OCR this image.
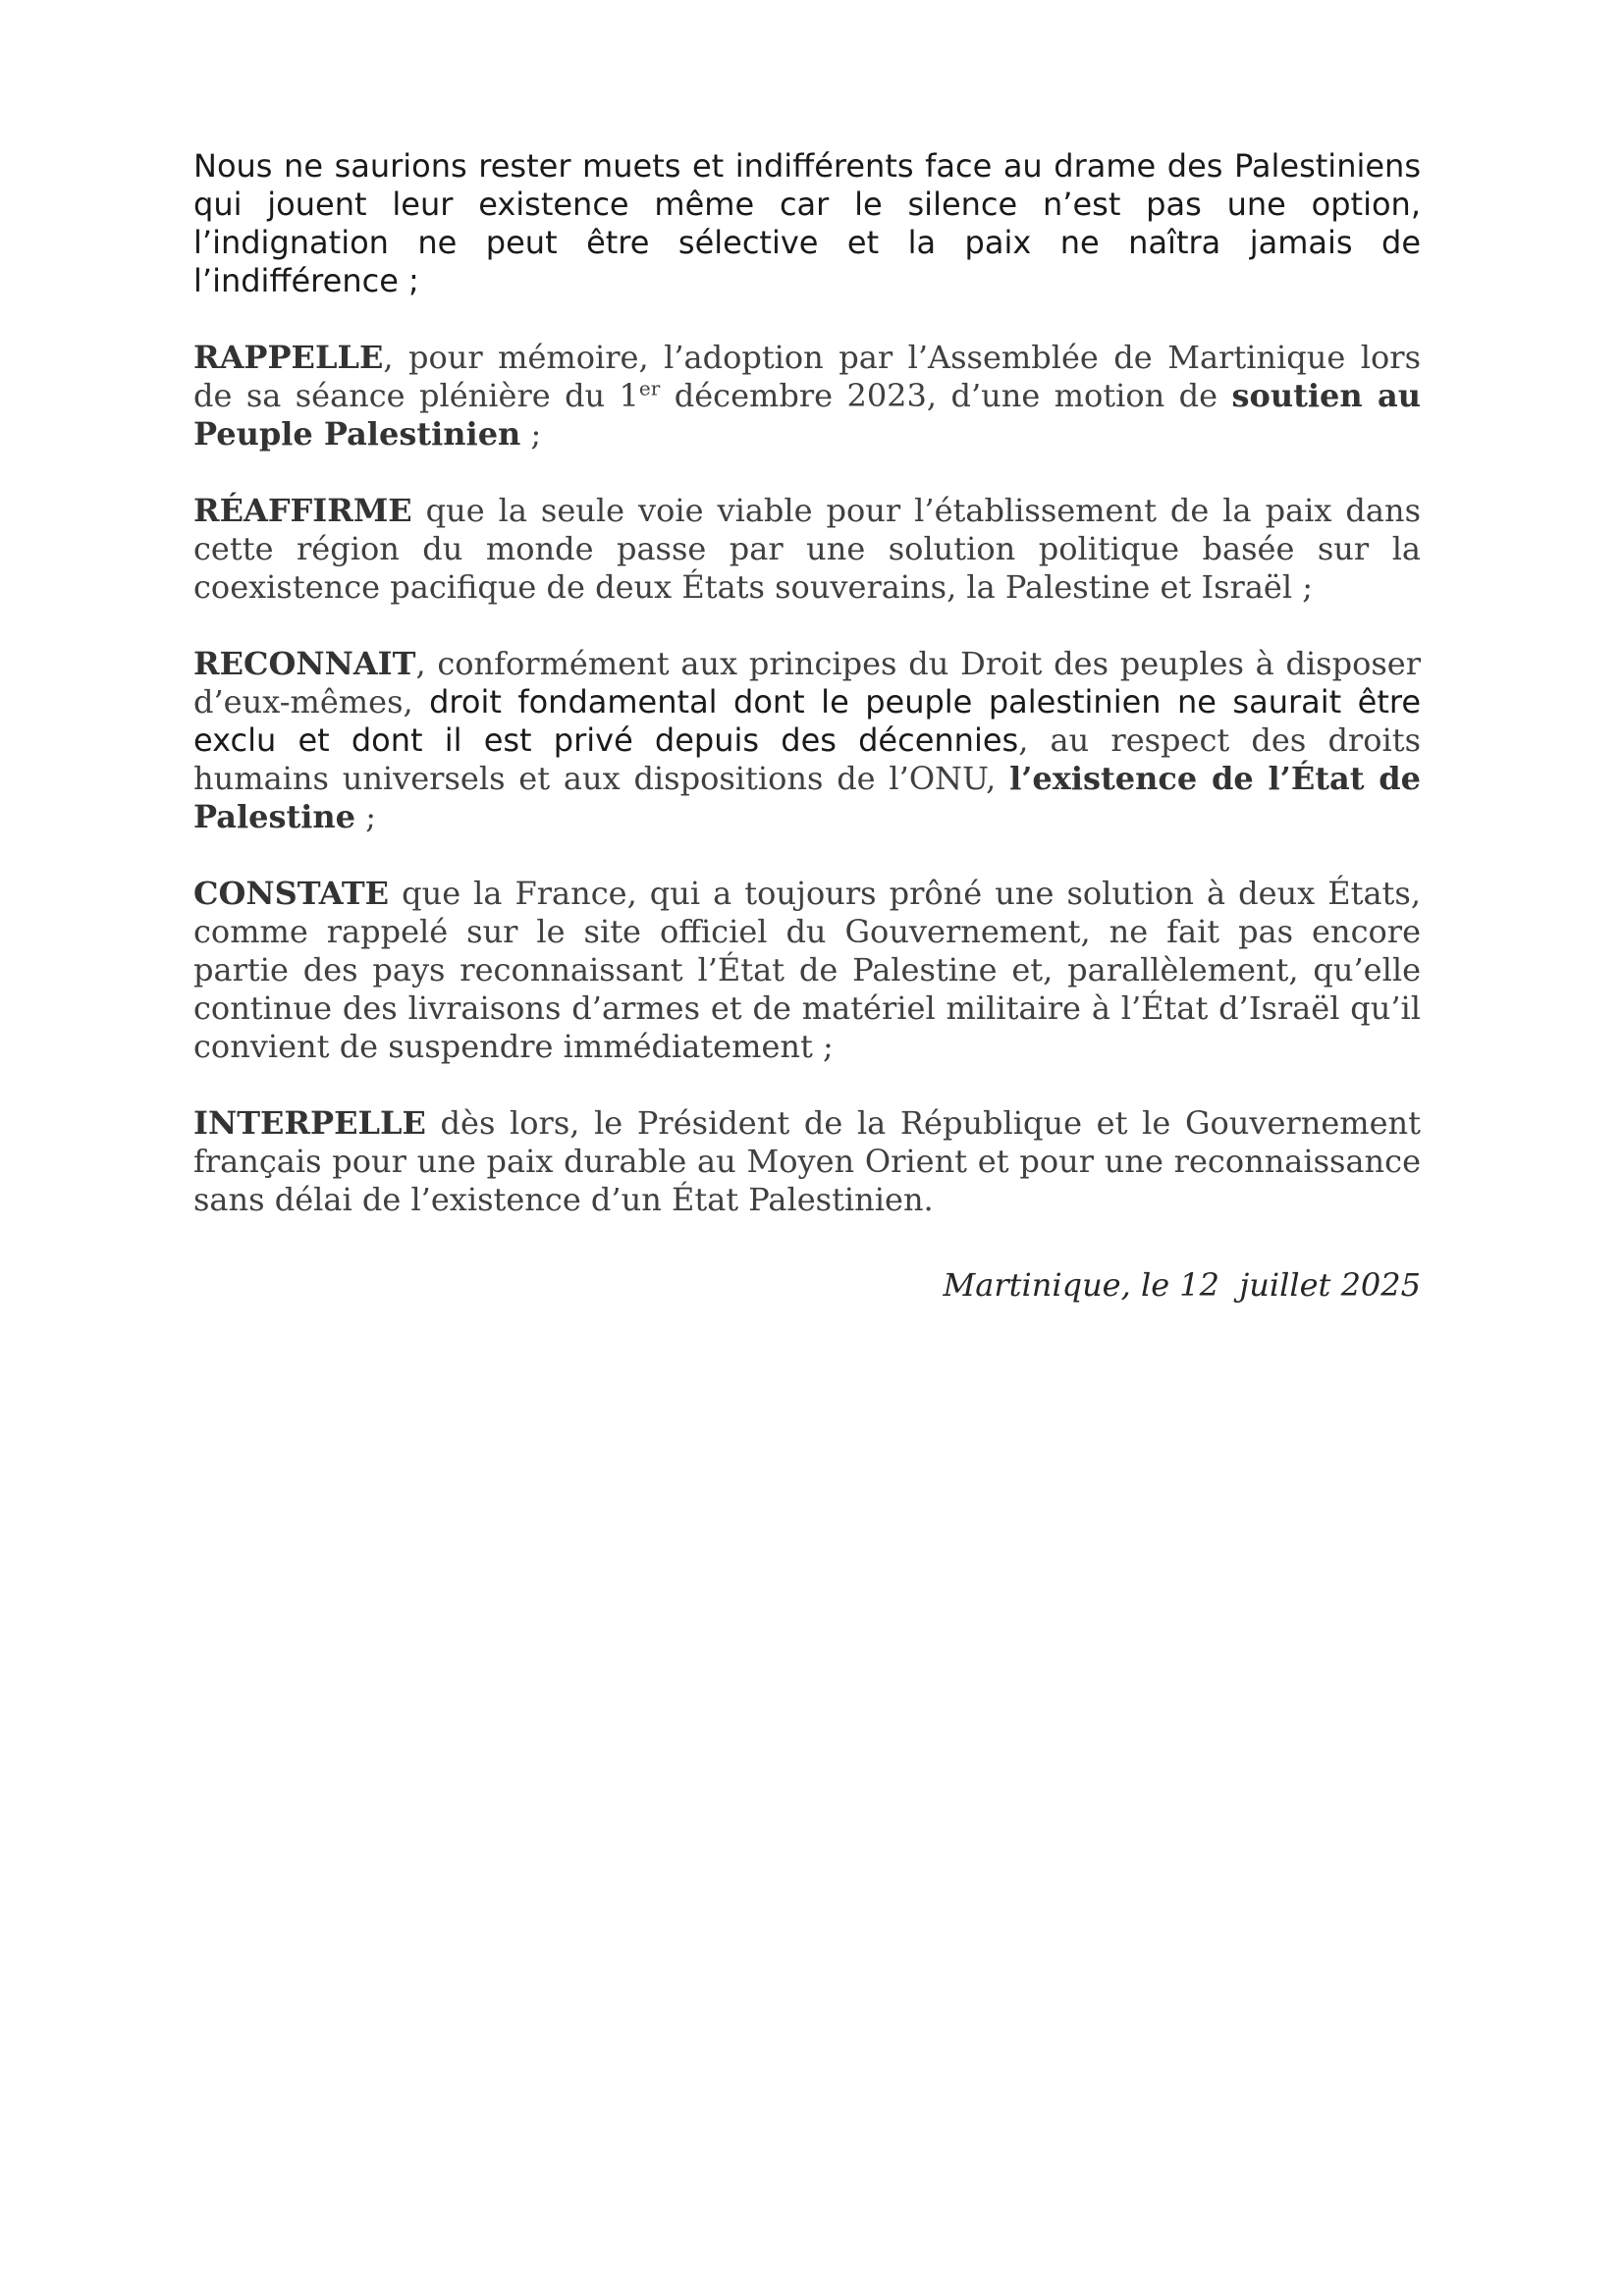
Nous ne saurions rester muets et indifférents face au drame des Palestiniens qui jouent leur existence même car le silence n’est pas une option, l’indignation ne peut être sélective et la paix ne naîtra jamais de l’indifférence ;

RAPPELLE, pour mémoire, l’adoption par l’Assemblée de Martinique lors de sa séance plénière du 1er décembre 2023, d’une motion de soutien au Peuple Palestinien ;

RÉAFFIRME que la seule voie viable pour l’établissement de la paix dans cette région du monde passe par une solution politique basée sur la coexistence pacifique de deux États souverains, la Palestine et Israël ;

RECONNAIT, conformément aux principes du Droit des peuples à disposer d’eux-mêmes, droit fondamental dont le peuple palestinien ne saurait être exclu et dont il est privé depuis des décennies, au respect des droits humains universels et aux dispositions de l’ONU, l’existence de l’État de Palestine ;

CONSTATE que la France, qui a toujours prôné une solution à deux États, comme rappelé sur le site officiel du Gouvernement, ne fait pas encore partie des pays reconnaissant l’État de Palestine et, parallèlement, qu’elle continue des livraisons d’armes et de matériel militaire à l’État d’Israël qu’il convient de suspendre immédiatement ;

INTERPELLE dès lors, le Président de la République et le Gouvernement français pour une paix durable au Moyen Orient et pour une reconnaissance sans délai de l’existence d’un État Palestinien.

Martinique, le 12  juillet 2025
